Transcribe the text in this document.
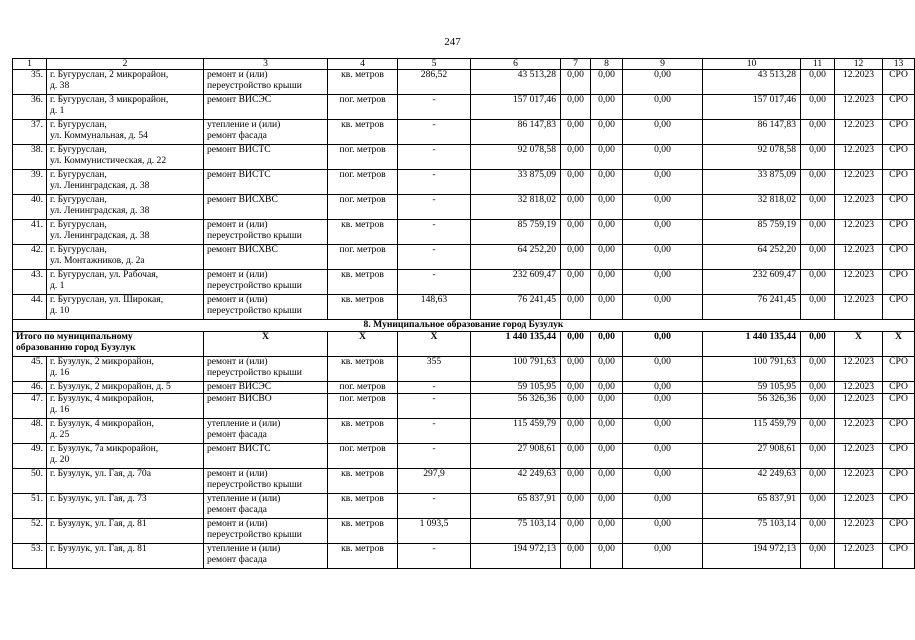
247
1	2	3	4	5	6	7	8	9	10	11	12	13
35.	г. Бугуруслан, 2 микрорайон,
д. 38	ремонт и (или)
переустройство крыши	кв. метров	286,52	43 513,28	0,00	0,00	0,00	43 513,28	0,00	12.2023	СРО
36.	г. Бугуруслан, 3 микрорайон,
д. 1	ремонт ВИСЭС	пог. метров	-	157 017,46	0,00	0,00	0,00	157 017,46	0,00	12.2023	СРО
37.	г. Бугуруслан,
ул. Коммунальная, д. 54	утепление и (или)
ремонт фасада	кв. метров	-	86 147,83	0,00	0,00	0,00	86 147,83	0,00	12.2023	СРО
38.	г. Бугуруслан,
ул. Коммунистическая, д. 22	ремонт ВИСТС	пог. метров	-	92 078,58	0,00	0,00	0,00	92 078,58	0,00	12.2023	СРО
39.	г. Бугуруслан,
ул. Ленинградская, д. 38	ремонт ВИСТС	пог. метров	-	33 875,09	0,00	0,00	0,00	33 875,09	0,00	12.2023	СРО
40.	г. Бугуруслан,
ул. Ленинградская, д. 38	ремонт ВИСХВС	пог. метров	-	32 818,02	0,00	0,00	0,00	32 818,02	0,00	12.2023	СРО
41.	г. Бугуруслан,
ул. Ленинградская, д. 38	ремонт и (или)
переустройство крыши	кв. метров	-	85 759,19	0,00	0,00	0,00	85 759,19	0,00	12.2023	СРО
42.	г. Бугуруслан,
ул. Монтажников, д. 2а	ремонт ВИСХВС	пог. метров	-	64 252,20	0,00	0,00	0,00	64 252,20	0,00	12.2023	СРО
43.	г. Бугуруслан, ул. Рабочая,
д. 1	ремонт и (или)
переустройство крыши	кв. метров	-	232 609,47	0,00	0,00	0,00	232 609,47	0,00	12.2023	СРО
44.	г. Бугуруслан, ул. Широкая,
д. 10	ремонт и (или)
переустройство крыши	кв. метров	148,63	76 241,45	0,00	0,00	0,00	76 241,45	0,00	12.2023	СРО
8. Муниципальное образование город Бузулук												
Итого по муниципальному
образованию город Бузулук		X	X	X	1 440 135,44	0,00	0,00	0,00	1 440 135,44	0,00	X	X
45.	г. Бузулук, 2 микрорайон,
д. 16	ремонт и (или)
переустройство крыши	кв. метров	355	100 791,63	0,00	0,00	0,00	100 791,63	0,00	12.2023	СРО
46.	г. Бузулук, 2 микрорайон, д. 5	ремонт ВИСЭС	пог. метров	-	59 105,95	0,00	0,00	0,00	59 105,95	0,00	12.2023	СРО
47.	г. Бузулук, 4 микрорайон,
д. 16	ремонт ВИСВО	пог. метров	-	56 326,36	0,00	0,00	0,00	56 326,36	0,00	12.2023	СРО
48.	г. Бузулук, 4 микрорайон,
д. 25	утепление и (или)
ремонт фасада	кв. метров	-	115 459,79	0,00	0,00	0,00	115 459,79	0,00	12.2023	СРО
49.	г. Бузулук, 7а микрорайон,
д. 20	ремонт ВИСТС	пог. метров	-	27 908,61	0,00	0,00	0,00	27 908,61	0,00	12.2023	СРО
50.	г. Бузулук, ул. Гая, д. 70а	ремонт и (или)
переустройство крыши	кв. метров	297,9	42 249,63	0,00	0,00	0,00	42 249,63	0,00	12.2023	СРО
51.	г. Бузулук, ул. Гая, д. 73	утепление и (или)
ремонт фасада	кв. метров	-	65 837,91	0,00	0,00	0,00	65 837,91	0,00	12.2023	СРО
52.	г. Бузулук, ул. Гая, д. 81	ремонт и (или)
переустройство крыши	кв. метров	1 093,5	75 103,14	0,00	0,00	0,00	75 103,14	0,00	12.2023	СРО
53.	г. Бузулук, ул. Гая, д. 81	утепление и (или)
ремонт фасада	кв. метров	-	194 972,13	0,00	0,00	0,00	194 972,13	0,00	12.2023	СРО
